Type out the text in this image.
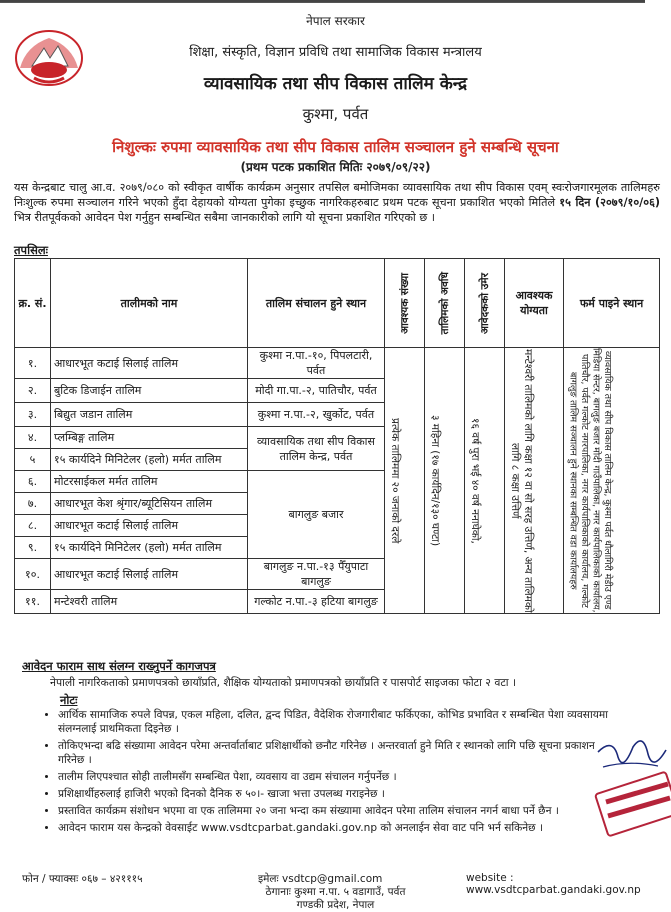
नेपाल सरकार
शिक्षा, संस्कृति, विज्ञान प्रविधि तथा सामाजिक विकास मन्त्रालय
व्यावसायिक तथा सीप विकास तालिम केन्द्र
कुश्मा, पर्वत
निशुल्कः रुपमा व्यावसायिक तथा सीप विकास तालिम सञ्चालन हुने सम्बन्धि सूचना
(प्रथम पटक प्रकाशित मितिः २०७९/०९/२२)
यस केन्द्रबाट चालु आ.व. २०७९/०८० को स्वीकृत वार्षीक कार्यक्रम अनुसार तपसिल बमोजिमका व्यावसायिक तथा सीप विकास एवम् स्वःरोजगारमूलक तालिमहरु निःशुल्क रुपमा सञ्चालन गरिने भएको हुँदा देहायको योग्यता पुगेका इच्छुक नागरिकहरुबाट प्रथम पटक सूचना प्रकाशित भएको मितिले १५ दिन (२०७९/१०/०६) भित्र रीतपूर्वकको आवेदन पेश गर्नुहुन सम्बन्धित सबैमा जानकारीको लागि यो सूचना प्रकाशित गरिएको छ ।
तपसिलः
क्र. सं.	तालीमको नाम	तालिम संचालन हुने स्थान	आवश्यक संख्या	तालिमको अवधि	आवेदकको उमेर	आवश्यक योग्यता	फर्म पाइने स्थान
१.	आधारभूत कटाई सिलाई तालिम	कुश्मा न.पा.-१०, पिपलटारी, पर्वत	प्रत्येक तालिममा २० जनाको दरले	३ महिना (१७ कार्यदिन/१३० घण्टा)	१६ वर्ष पुरा भई ४० वर्ष ननाघेको,	मन्टेश्वरी तालिमको लागि कक्षा १२ वा सो सरह उत्तिर्ण, अन्य तालिमको लागि ८ कक्षा उत्तिर्ण	व्यावसायिक तथा सीप विकास तालिम केन्द्र, कुश्मा पर्वत धौलागिरी मेडीउ एण्ड मिडिया सेन्टर, बागलुङ बजार मोदी गाउँपालिका, नगर कार्यपालिकाको कार्यालय, पातिचौर, पर्वत गल्कोट नगरपालिका, नगर कार्यपालिकाको कार्यालय, गल्कोट बागलुङ तालिम सञ्चालन हुने स्थानका सम्बन्धित वडा कार्यालयहरु

२.	बुटिक डिजाईन तालिम	मोदी गा.पा.-२, पातिचौर, पर्वत					
३.	बिद्युत जडान तालिम	कुश्मा न.पा.-२, खुर्कोट, पर्वत					
४.	प्लम्बिङ्ग तालिम	व्यावसायिक तथा सीप विकास तालिम केन्द्र, पर्वत					
५	१५ कार्यदिने मिनिटेलर (हलो) मर्मत तालिम						
६.	मोटरसाईकल मर्मत तालिम	बागलुङ बजार					
७.	आधारभूत केश श्रृंगार/ब्यूटिसियन तालिम						
८.	आधारभूत कटाई सिलाई तालिम						
९.	१५ कार्यदिने मिनिटेलर (हलो) मर्मत तालिम						
१०.	आधारभूत कटाई सिलाई तालिम	बागलुङ न.पा.-१३ पैँयुपाटा बागलुङ					
११.	मन्टेश्वरी तालिम	गल्कोट न.पा.-३ हटिया बागलुङ					
आवेदन फाराम साथ संलग्न राख्नुपर्ने कागजपत्र

नेपाली नागरिकताको प्रमाणपत्रको छायाँप्रति, शैक्षिक योग्यताको प्रमाणपत्रको छायाँप्रति र पासपोर्ट साइजका फोटा २ वटा ।

नोटः
• आर्थिक सामाजिक रुपले विपन्न, एकल महिला, दलित, द्वन्द पिडित, वैदेशिक रोजगारीबाट फर्किएका, कोभिड प्रभावित र सम्बन्धित पेशा व्यवसायमा संलग्नलाई प्राथमिकता दिइनेछ ।
• तोकिएभन्दा बढि संख्यामा आवेदन परेमा अन्तर्वार्ताबाट प्रशिक्षार्थीको छनौट गरिनेछ । अन्तरवार्ता हुने मिति र स्थानको लागि पछि सूचना प्रकाशन गरिनेछ ।
• तालीम लिएपश्चात सोही तालीमसँग सम्बन्धित पेशा, व्यवसाय वा उद्यम संचालन गर्नुपर्नेछ ।
• प्रशिक्षार्थीहरुलाई हाजिरी भएको दिनको दैनिक रु ५०।- खाजा भत्ता उपलब्ध गराइनेछ ।
• प्रस्तावित कार्यक्रम संशोधन भएमा वा एक तालिममा २० जना भन्दा कम संख्यामा आवेदन परेमा तालिम संचालन नगर्न बाधा पर्ने छैन ।
• आवेदन फाराम यस केन्द्रको वेवसाईट www.vsdtcparbat.gandaki.gov.np को अनलाईन सेवा वाट पनि भर्न सकिनेछ ।
फोन / फ्याक्सः ०६७ – ४२१११५	इमेलः vsdtcp@gmail.com	website : www.vsdtcparbat.gandaki.gov.np
ठेगानाः कुश्मा न.पा. ५ वडागाउँ, पर्वत
गण्डकी प्रदेश, नेपाल
